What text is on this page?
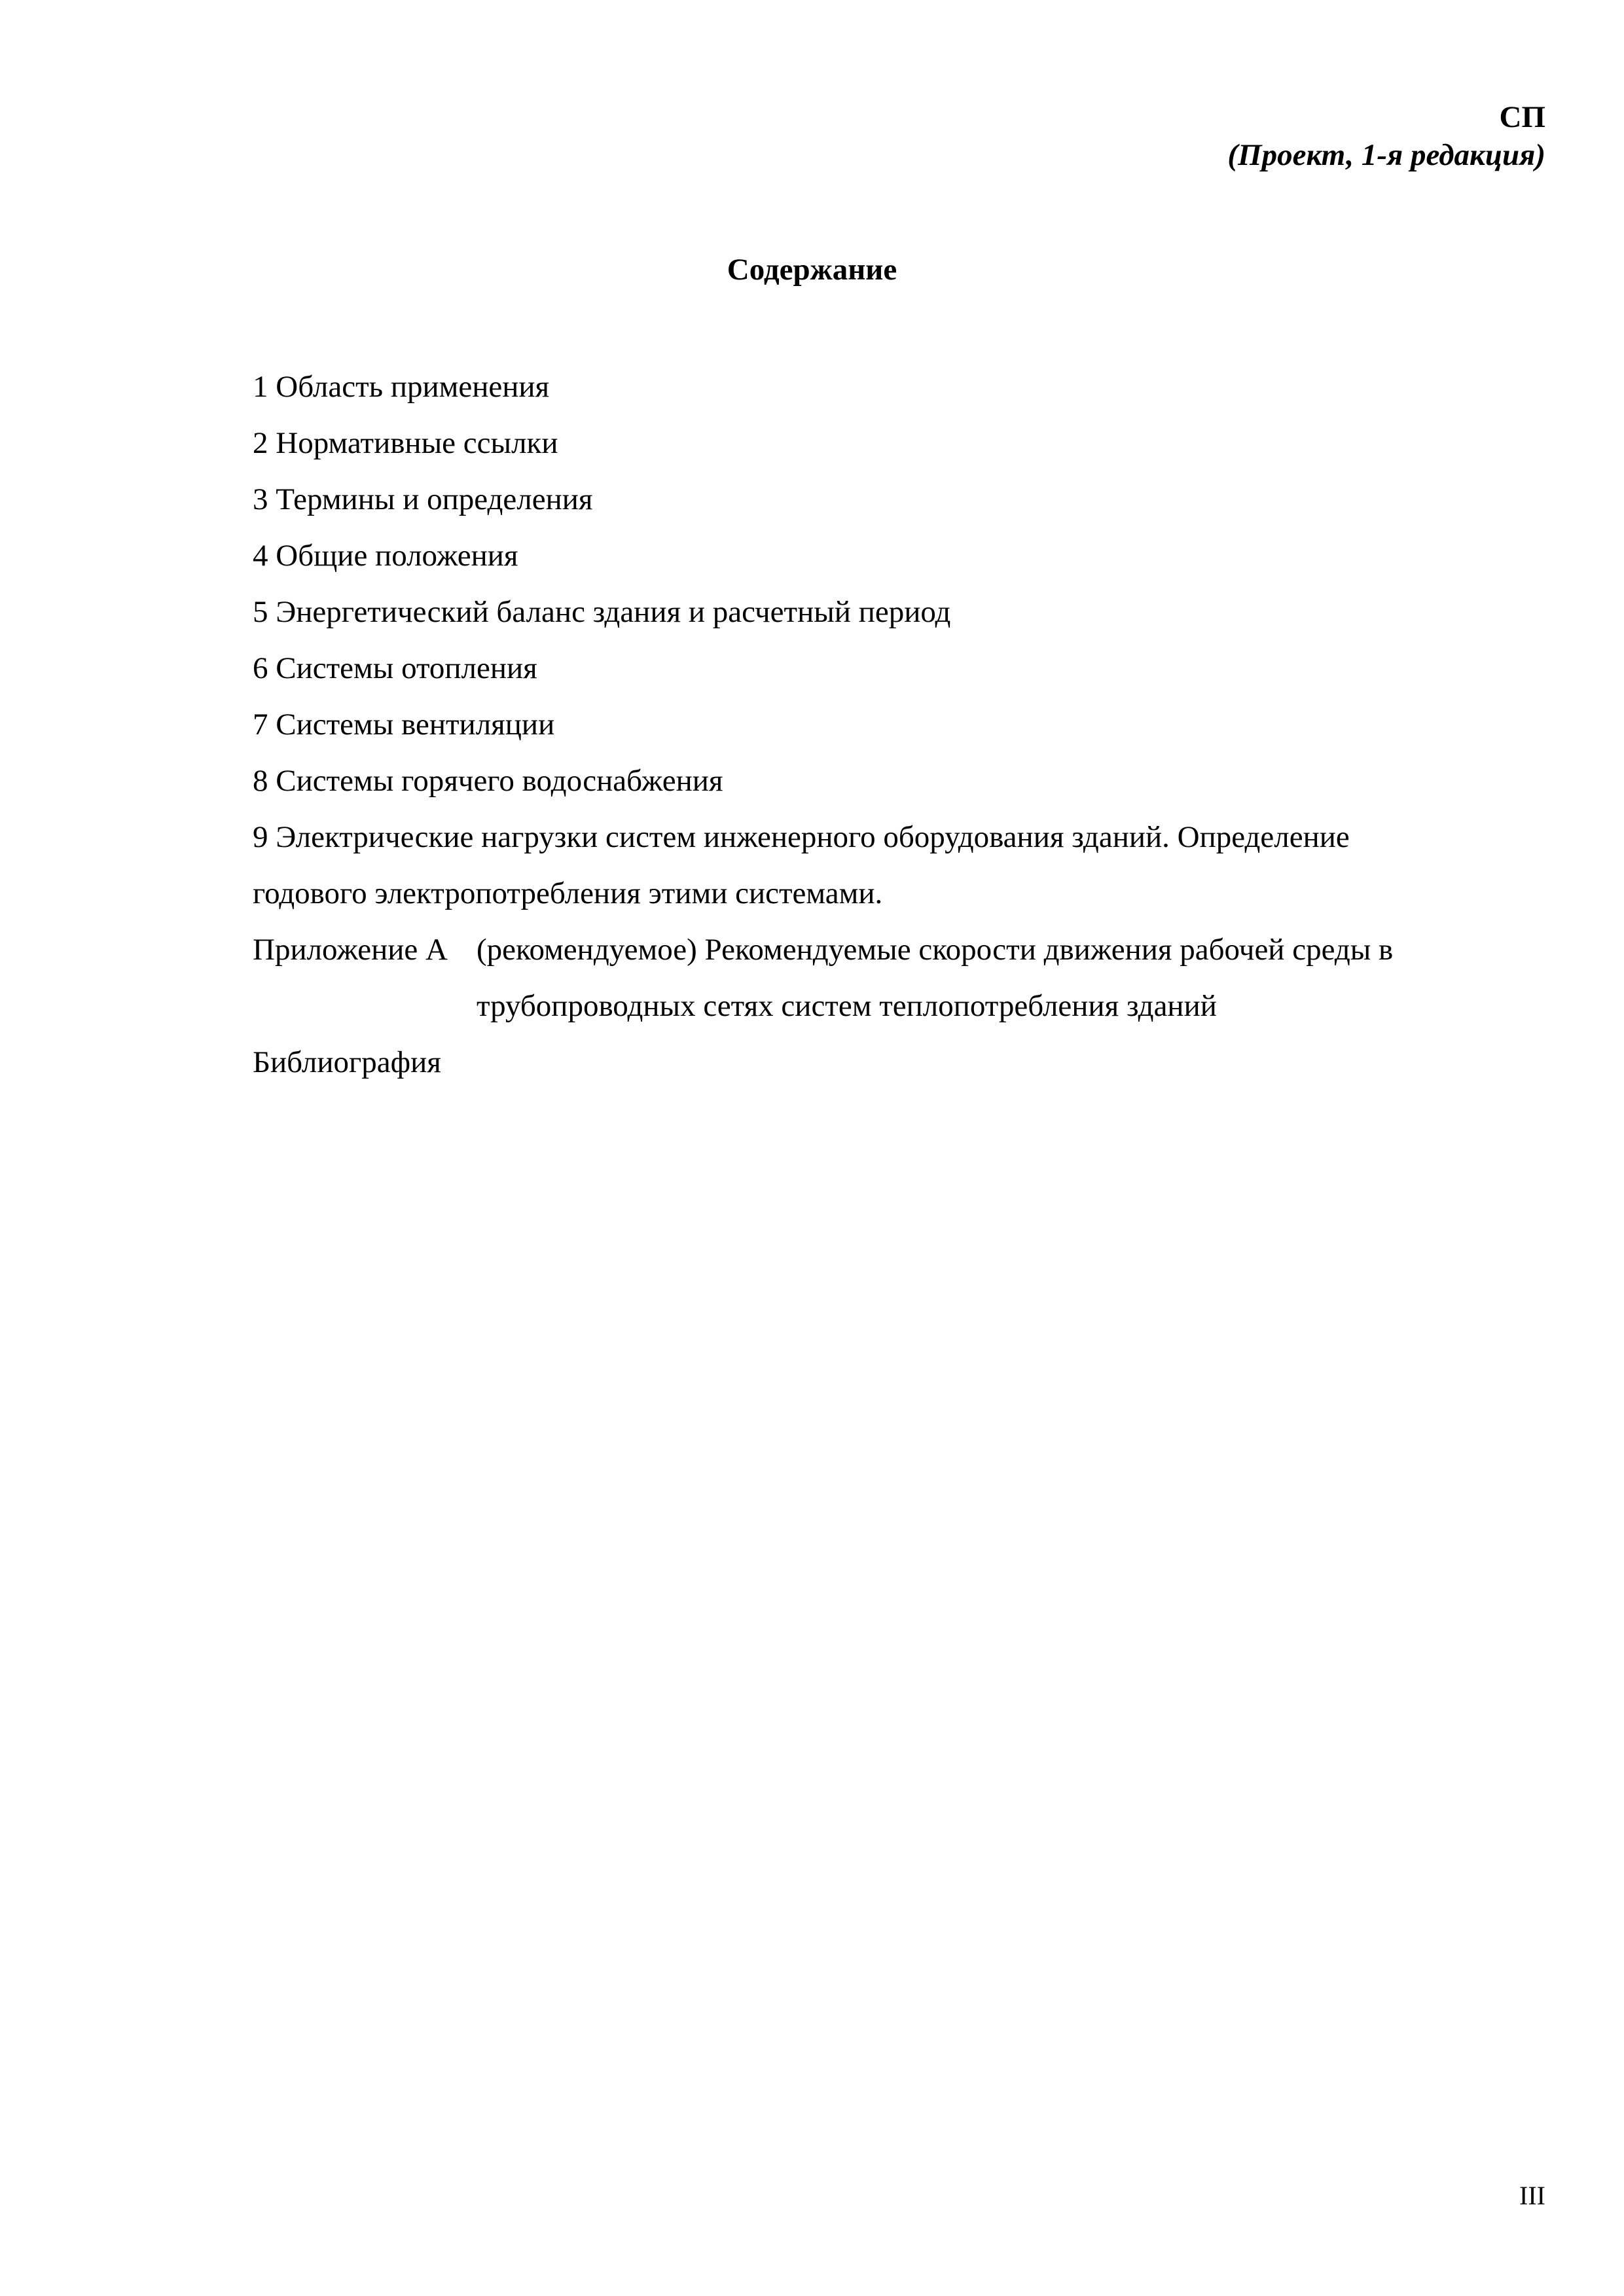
СП
(Проект, 1-я редакция)
Содержание
1 Область применения
2 Нормативные ссылки
3 Термины и определения
4 Общие положения
5 Энергетический баланс здания и расчетный период
6 Системы отопления
7 Системы вентиляции
8 Системы горячего водоснабжения
9 Электрические нагрузки систем инженерного оборудования зданий. Определение годового электропотребления этими системами.
Приложение А (рекомендуемое) Рекомендуемые скорости движения рабочей среды в трубопроводных сетях систем теплопотребления зданий
Библиография
III
